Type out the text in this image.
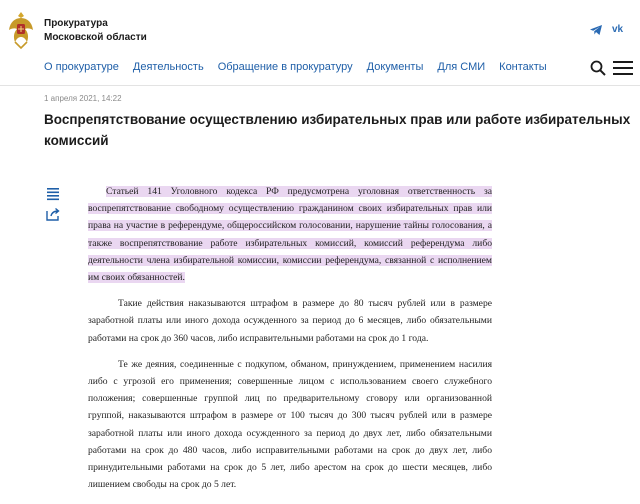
Прокуратура
Московской области
vk
О прокуратуре Деятельность Обращение в прокуратуру Документы Для СМИ Контакты
1 апреля 2021, 14:22
Воспрепятствование осуществлению избирательных прав или работе избирательных комиссий

Статьей 141 Уголовного кодекса РФ предусмотрена уголовная ответственность за воспрепятствование свободному осуществлению гражданином своих избирательных прав или права на участие в референдуме, общероссийском голосовании, нарушение тайны голосования, а также воспрепятствование работе избирательных комиссий, комиссий референдума либо деятельности члена избирательной комиссии, комиссии референдума, связанной с исполнением им своих обязанностей.

Такие действия наказываются штрафом в размере до 80 тысяч рублей или в размере заработной платы или иного дохода осужденного за период до 6 месяцев, либо обязательными работами на срок до 360 часов, либо исправительными работами на срок до 1 года.

Те же деяния, соединенные с подкупом, обманом, принуждением, применением насилия либо с угрозой его применения; совершенные лицом с использованием своего служебного положения; совершенные группой лиц по предварительному сговору или организованной группой, наказываются штрафом в размере от 100 тысяч до 300 тысяч рублей или в размере заработной платы или иного дохода осужденного за период до двух лет, либо обязательными работами на срок до 480 часов, либо исправительными работами на срок до двух лет, либо принудительными работами на срок до 5 лет, либо арестом на срок до шести месяцев, либо лишением свободы на срок до 5 лет.
